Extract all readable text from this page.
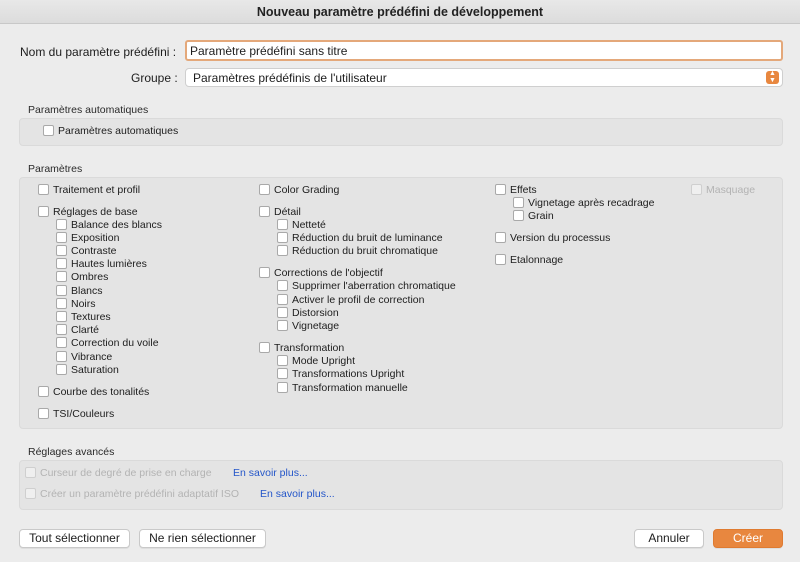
Nouveau paramètre prédéfini de développement
Nom du paramètre prédéfini :
Paramètre prédéfini sans titre
Groupe :	Paramètres prédéfinis de l'utilisateur	▲
▼
Paramètres automatiques
Paramètres automatiques
Paramètres
Traitement et profil
Réglages de base
Balance des blancs
Exposition
Contraste
Hautes lumières
Ombres
Blancs
Noirs
Textures
Clarté
Correction du voile
Vibrance
Saturation
Courbe des tonalités
TSI/Couleurs
Color Grading
Détail
Netteté
Réduction du bruit de luminance
Réduction du bruit chromatique
Corrections de l'objectif
Supprimer l'aberration chromatique
Activer le profil de correction
Distorsion
Vignetage
Transformation
Mode Upright
Transformations Upright
Transformation manuelle
Effets
Vignetage après recadrage
Grain
Version du processus
Etalonnage
Masquage
Réglages avancés
Curseur de degré de prise en charge En savoir plus...
Créer un paramètre prédéfini adaptatif ISO En savoir plus...
Tout sélectionner	Ne rien sélectionner	Annuler	Créer
